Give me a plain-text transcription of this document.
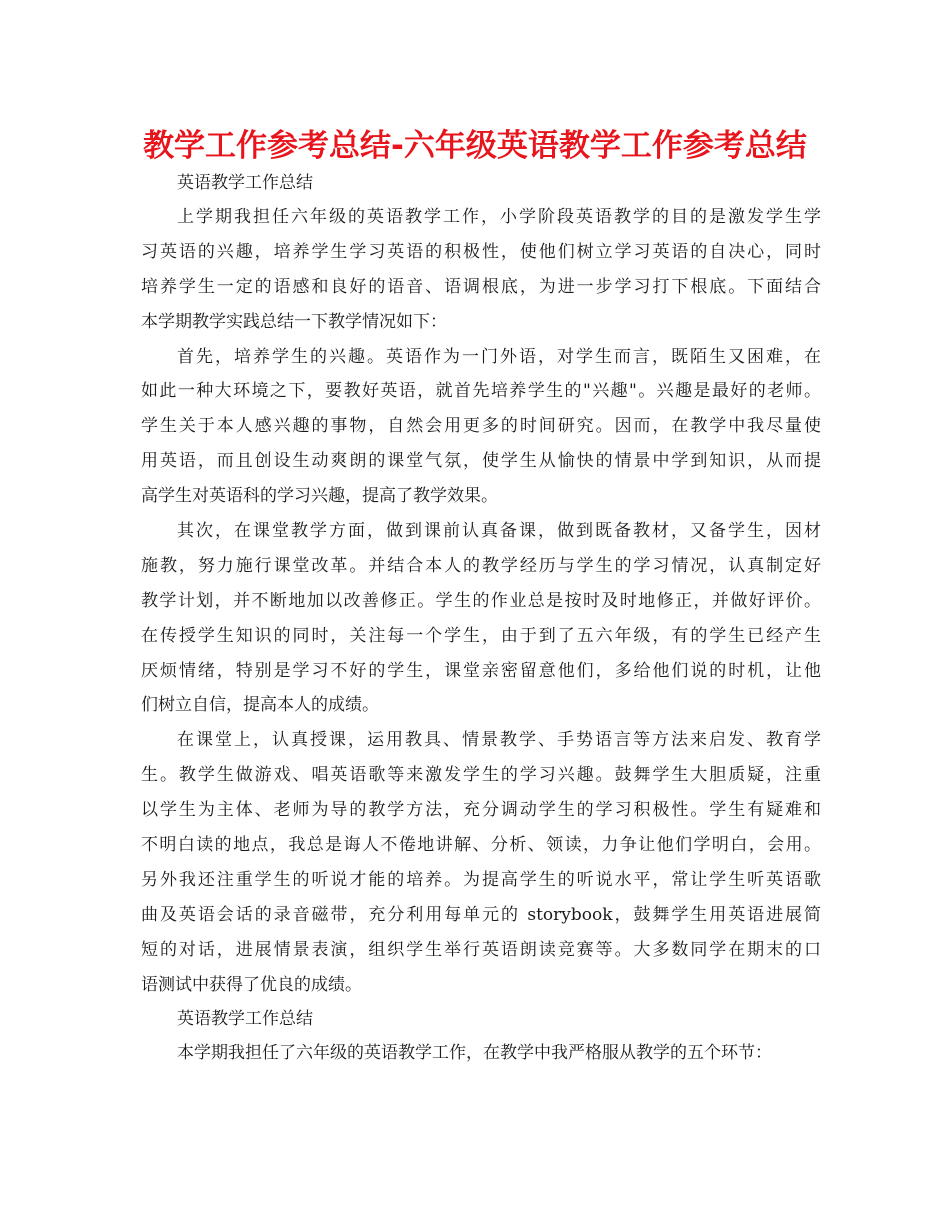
教学工作参考总结-六年级英语教学工作参考总结
英语教学工作总结
上学期我担任六年级的英语教学工作，小学阶段英语教学的目的是激发学生学
习英语的兴趣，培养学生学习英语的积极性，使他们树立学习英语的自决心，同时
培养学生一定的语感和良好的语音、语调根底，为进一步学习打下根底。下面结合
本学期教学实践总结一下教学情况如下：
首先，培养学生的兴趣。英语作为一门外语，对学生而言，既陌生又困难，在
如此一种大环境之下，要教好英语，就首先培养学生的"兴趣"。兴趣是最好的老师。
学生关于本人感兴趣的事物，自然会用更多的时间研究。因而，在教学中我尽量使
用英语，而且创设生动爽朗的课堂气氛，使学生从愉快的情景中学到知识，从而提
高学生对英语科的学习兴趣，提高了教学效果。
其次，在课堂教学方面，做到课前认真备课，做到既备教材，又备学生，因材
施教，努力施行课堂改革。并结合本人的教学经历与学生的学习情况，认真制定好
教学计划，并不断地加以改善修正。学生的作业总是按时及时地修正，并做好评价。
在传授学生知识的同时，关注每一个学生，由于到了五六年级，有的学生已经产生
厌烦情绪，特别是学习不好的学生，课堂亲密留意他们，多给他们说的时机，让他
们树立自信，提高本人的成绩。
在课堂上，认真授课，运用教具、情景教学、手势语言等方法来启发、教育学
生。教学生做游戏、唱英语歌等来激发学生的学习兴趣。鼓舞学生大胆质疑，注重
以学生为主体、老师为导的教学方法，充分调动学生的学习积极性。学生有疑难和
不明白读的地点，我总是诲人不倦地讲解、分析、领读，力争让他们学明白，会用。
另外我还注重学生的听说才能的培养。为提高学生的听说水平，常让学生听英语歌
曲及英语会话的录音磁带，充分利用每单元的 storybook，鼓舞学生用英语进展简
短的对话，进展情景表演，组织学生举行英语朗读竞赛等。大多数同学在期末的口
语测试中获得了优良的成绩。
英语教学工作总结
本学期我担任了六年级的英语教学工作，在教学中我严格服从教学的五个环节：
